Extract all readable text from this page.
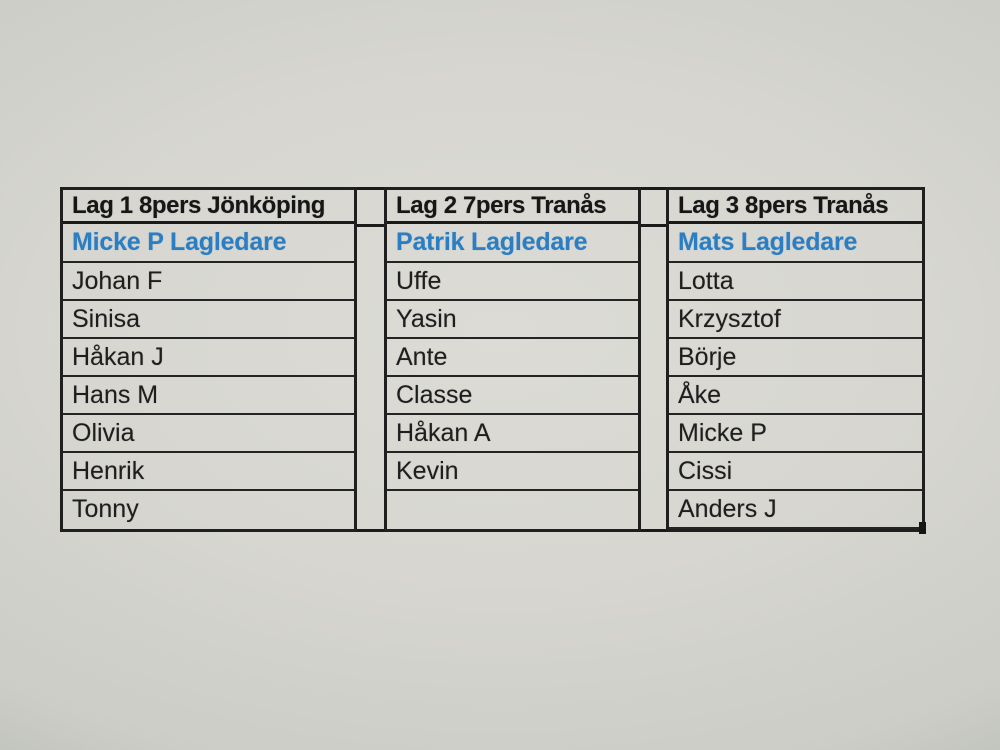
Lag 1 8pers Jönköping
Micke P Lagledare
Johan F
Sinisa
Håkan J
Hans M
Olivia
Henrik
Tonny
Lag 2 7pers Tranås
Patrik Lagledare
Uffe
Yasin
Ante
Classe
Håkan A
Kevin
Lag 3 8pers Tranås
Mats Lagledare
Lotta
Krzysztof
Börje
Åke
Micke P
Cissi
Anders J
